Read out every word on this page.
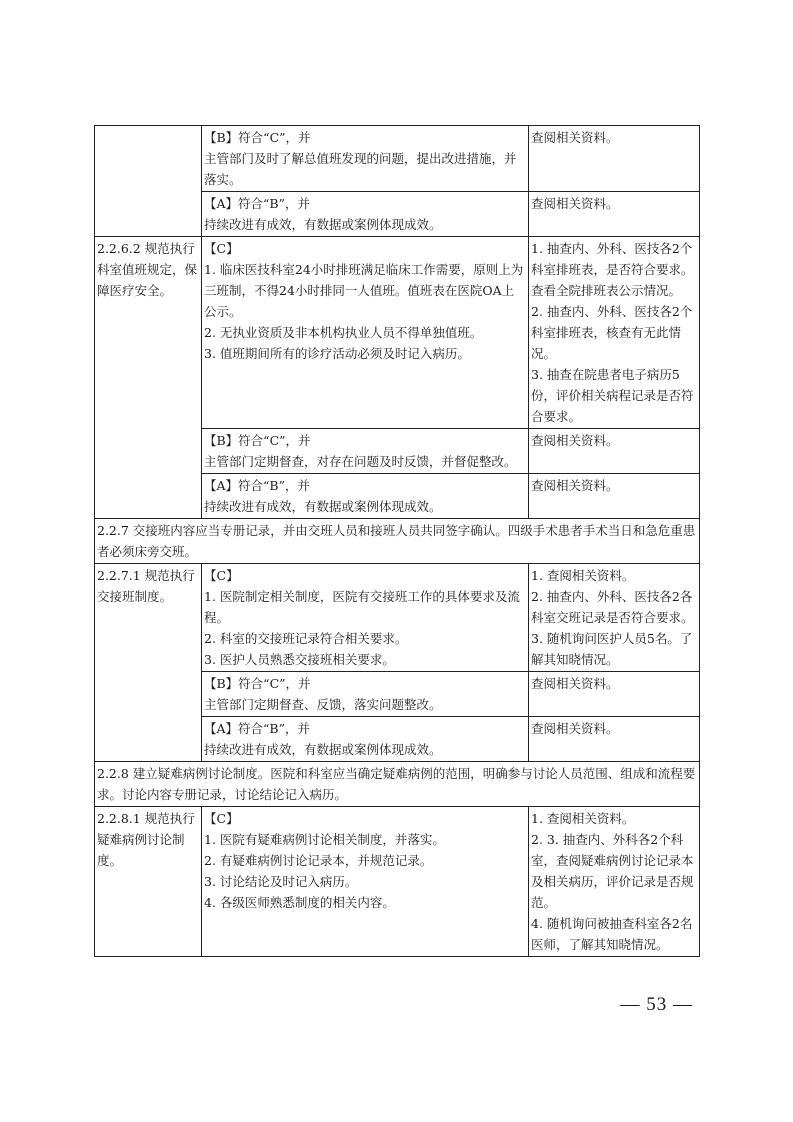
	【B】符合“C”，并
主管部门及时了解总值班发现的问题，提出改进措施，并落实。	查阅相关资料。

	【A】符合“B”，并
持续改进有成效，有数据或案例体现成效。	查阅相关资料。

2.2.6.2 规范执行科室值班规定，保障医疗安全。	【C】
1. 临床医技科室24小时排班满足临床工作需要，原则上为三班制，不得24小时排同一人值班。值班表在医院OA上公示。
2. 无执业资质及非本机构执业人员不得单独值班。
3. 值班期间所有的诊疗活动必须及时记入病历。	1. 抽查内、外科、医技各2个科室排班表，是否符合要求。查看全院排班表公示情况。
2. 抽查内、外科、医技各2个科室排班表，核查有无此情况。
3. 抽查在院患者电子病历5份，评价相关病程记录是否符合要求。

	【B】符合“C”，并
主管部门定期督查，对存在问题及时反馈，并督促整改。	查阅相关资料。

	【A】符合“B”，并
持续改进有成效，有数据或案例体现成效。	查阅相关资料。

2.2.7 交接班内容应当专册记录，并由交班人员和接班人员共同签字确认。四级手术患者手术当日和急危重患者必须床旁交班。		
2.2.7.1 规范执行交接班制度。	【C】
1. 医院制定相关制度，医院有交接班工作的具体要求及流程。
2. 科室的交接班记录符合相关要求。
3. 医护人员熟悉交接班相关要求。	1. 查阅相关资料。
2. 抽查内、外科、医技各2各科室交班记录是否符合要求。
3. 随机询问医护人员5名。了解其知晓情况。

	【B】符合“C”，并
主管部门定期督查、反馈，落实问题整改。	查阅相关资料。

	【A】符合“B”，并
持续改进有成效，有数据或案例体现成效。	查阅相关资料。

2.2.8 建立疑难病例讨论制度。医院和科室应当确定疑难病例的范围，明确参与讨论人员范围、组成和流程要求。讨论内容专册记录，讨论结论记入病历。		
2.2.8.1 规范执行疑难病例讨论制度。	【C】
1. 医院有疑难病例讨论相关制度，并落实。
2. 有疑难病例讨论记录本，并规范记录。
3. 讨论结论及时记入病历。
4. 各级医师熟悉制度的相关内容。	1. 查阅相关资料。
2. 3. 抽查内、外科各2个科室，查阅疑难病例讨论记录本及相关病历，评价记录是否规范。
4. 随机询问被抽查科室各2名医师，了解其知晓情况。
— 53 —
